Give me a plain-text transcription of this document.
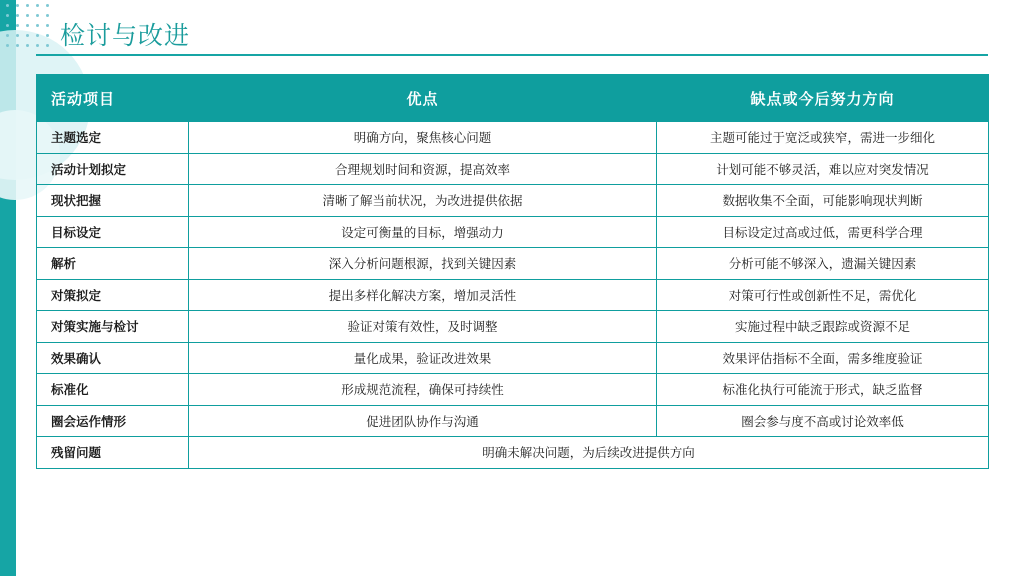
检讨与改进
活动项目	优点	缺点或今后努力方向
主题选定	明确方向，聚焦核心问题	主题可能过于宽泛或狭窄，需进一步细化
活动计划拟定	合理规划时间和资源，提高效率	计划可能不够灵活，难以应对突发情况
现状把握	清晰了解当前状况，为改进提供依据	数据收集不全面，可能影响现状判断
目标设定	设定可衡量的目标，增强动力	目标设定过高或过低，需更科学合理
解析	深入分析问题根源，找到关键因素	分析可能不够深入，遗漏关键因素
对策拟定	提出多样化解决方案，增加灵活性	对策可行性或创新性不足，需优化
对策实施与检讨	验证对策有效性，及时调整	实施过程中缺乏跟踪或资源不足
效果确认	量化成果，验证改进效果	效果评估指标不全面，需多维度验证
标准化	形成规范流程，确保可持续性	标准化执行可能流于形式，缺乏监督
圈会运作情形	促进团队协作与沟通	圈会参与度不高或讨论效率低
残留问题	明确未解决问题，为后续改进提供方向	
